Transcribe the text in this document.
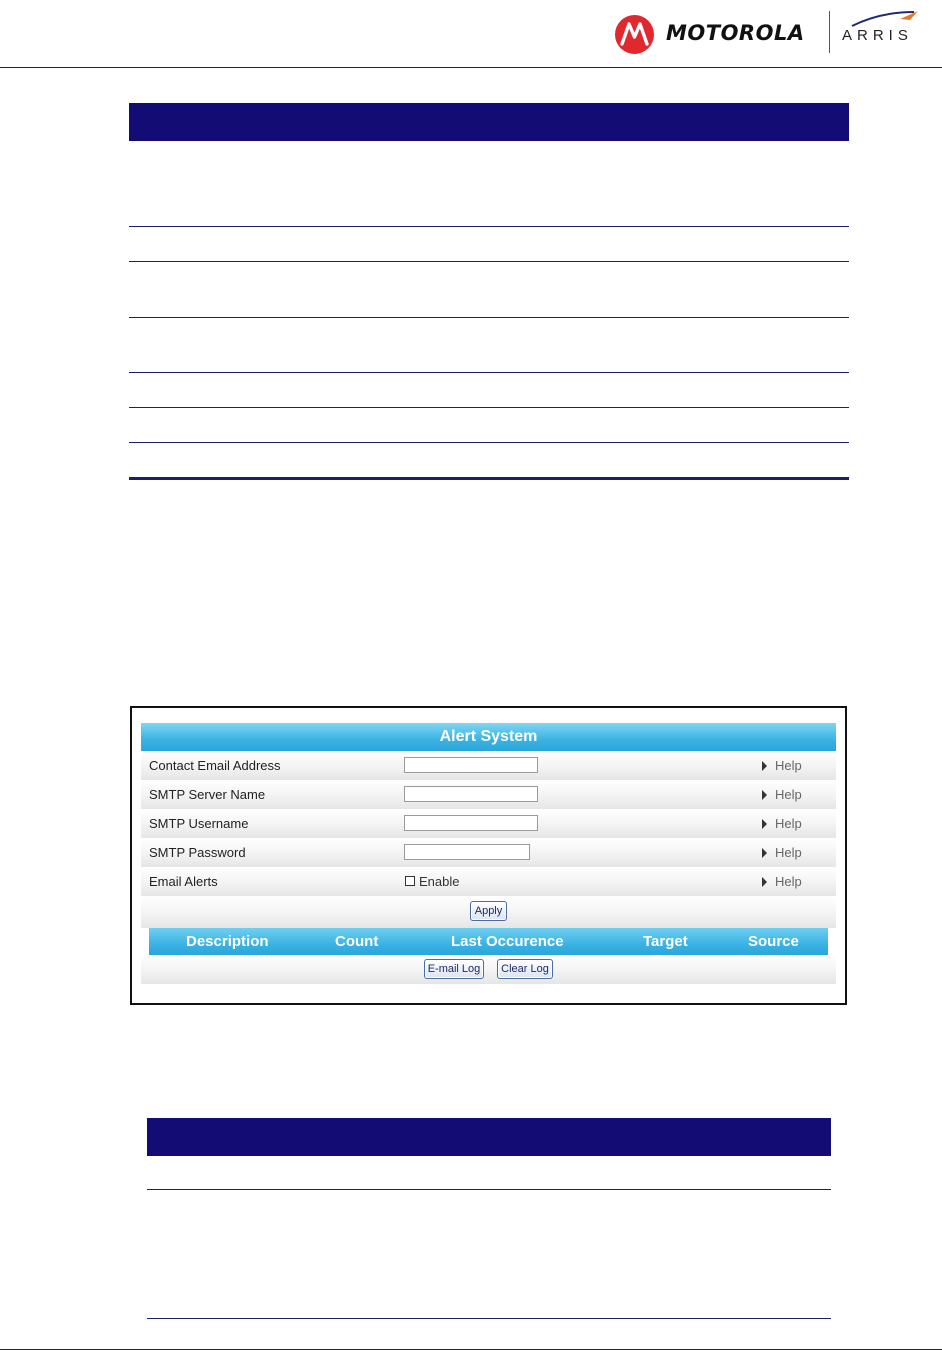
MOTOROLA ARRIS
Alert System
Contact Email Address	Help
SMTP Server Name	Help
SMTP Username	Help
SMTP Password	Help
Email Alerts	Enable	Help
Apply
Description	Count	Last Occurence	Target	Source
E-mail Log	Clear Log
